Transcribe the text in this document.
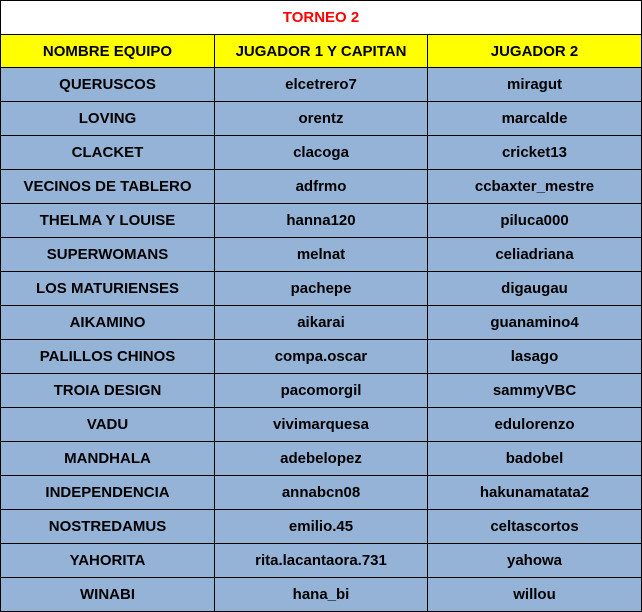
TORNEO 2		
NOMBRE EQUIPO	JUGADOR 1 Y CAPITAN	JUGADOR 2
QUERUSCOS	elcetrero7	miragut
LOVING	orentz	marcalde
CLACKET	clacoga	cricket13
VECINOS DE TABLERO	adfrmo	ccbaxter_mestre
THELMA Y LOUISE	hanna120	piluca000
SUPERWOMANS	melnat	celiadriana
LOS MATURIENSES	pachepe	digaugau
AIKAMINO	aikarai	guanamino4
PALILLOS CHINOS	compa.oscar	lasago
TROIA DESIGN	pacomorgil	sammyVBC
VADU	vivimarquesa	edulorenzo
MANDHALA	adebelopez	badobel
INDEPENDENCIA	annabcn08	hakunamatata2
NOSTREDAMUS	emilio.45	celtascortos
YAHORITA	rita.lacantaora.731	yahowa
WINABI	hana_bi	willou
